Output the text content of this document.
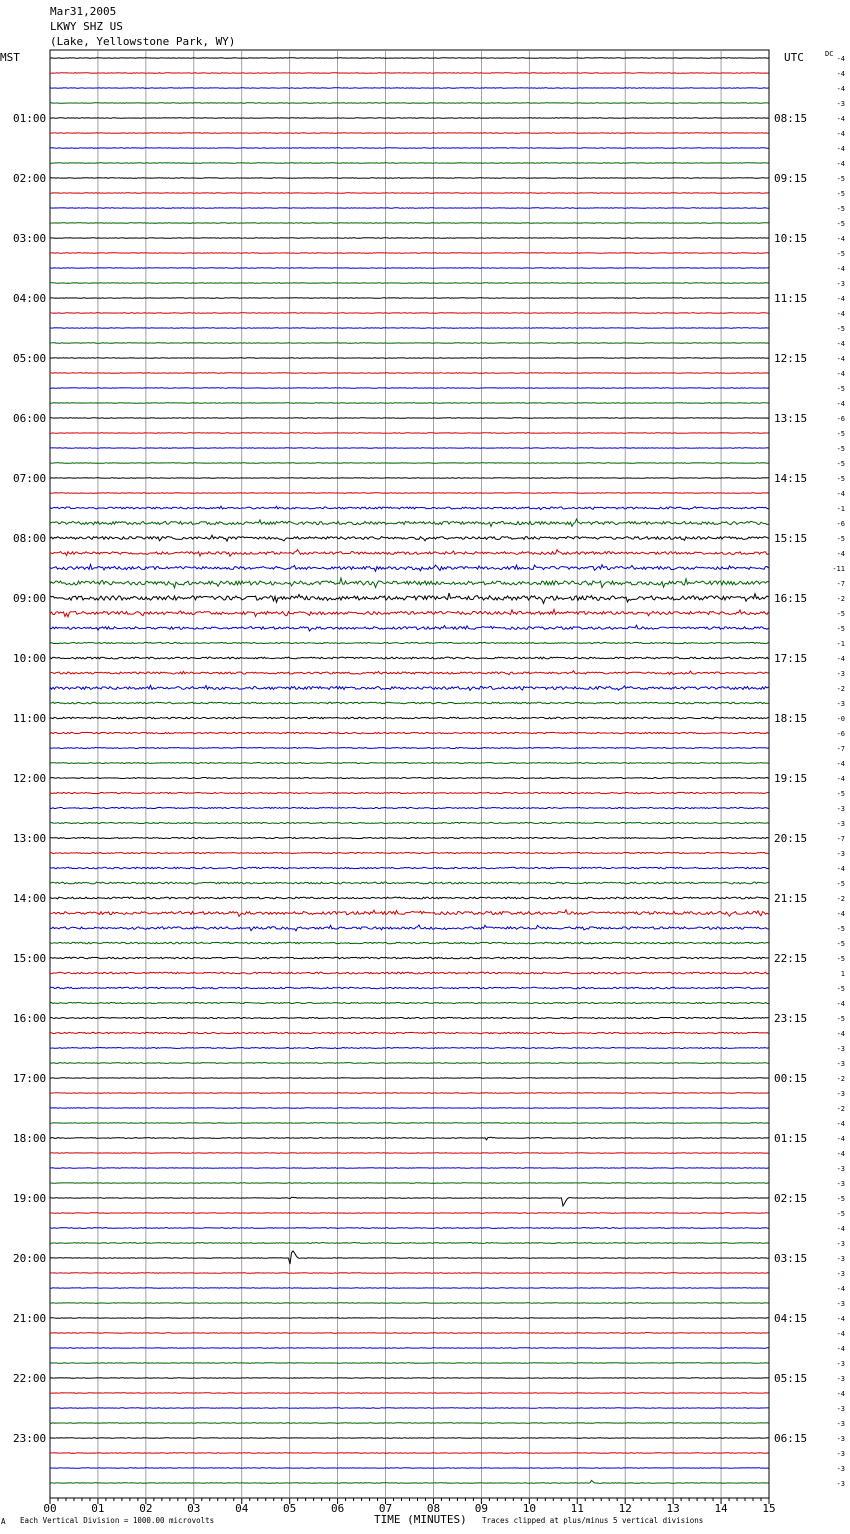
Mar31,2005
LKWY SHZ US
(Lake, Yellowstone Park, WY)
01:00
02:00
03:00
04:00
05:00
06:00
07:00
08:00
09:00
10:00
11:00
12:00
13:00
14:00
15:00
16:00
17:00
18:00
19:00
20:00
21:00
22:00
23:00
08:15
09:15
10:15
11:15
12:15
13:15
14:15
15:15
16:15
17:15
18:15
19:15
20:15
21:15
22:15
23:15
00:15
01:15
02:15
03:15
04:15
05:15
06:15
-4
-4
-4
-3
-4
-4
-4
-4
-5
-5
-5
-5
-4
-5
-4
-3
-4
-4
-5
-4
-4
-4
-5
-4
-6
-5
-5
-5
-5
-4
-1
-6
-5
-4
-11
-7
-2
-5
-5
-1
-4
-3
-2
-3
-0
-6
-7
-4
-4
-5
-3
-3
-7
-3
-4
-5
-2
-4
-5
-5
-5
1
-5
-4
-5
-4
-3
-3
-2
-3
-2
-4
-4
-4
-3
-3
-5
-5
-4
-3
-3
-3
-4
-3
-4
-4
-4
-3
-3
-4
-3
-3
-3
-3
-3
-3
00	01	02	03	04	05	06	07	08	09	10	11	12	13	14	15
MST	UTC	DC
A Each Vertical Division = 1000.00 microvolts	TIME (MINUTES) Traces clipped at plus/minus 5 vertical divisions
